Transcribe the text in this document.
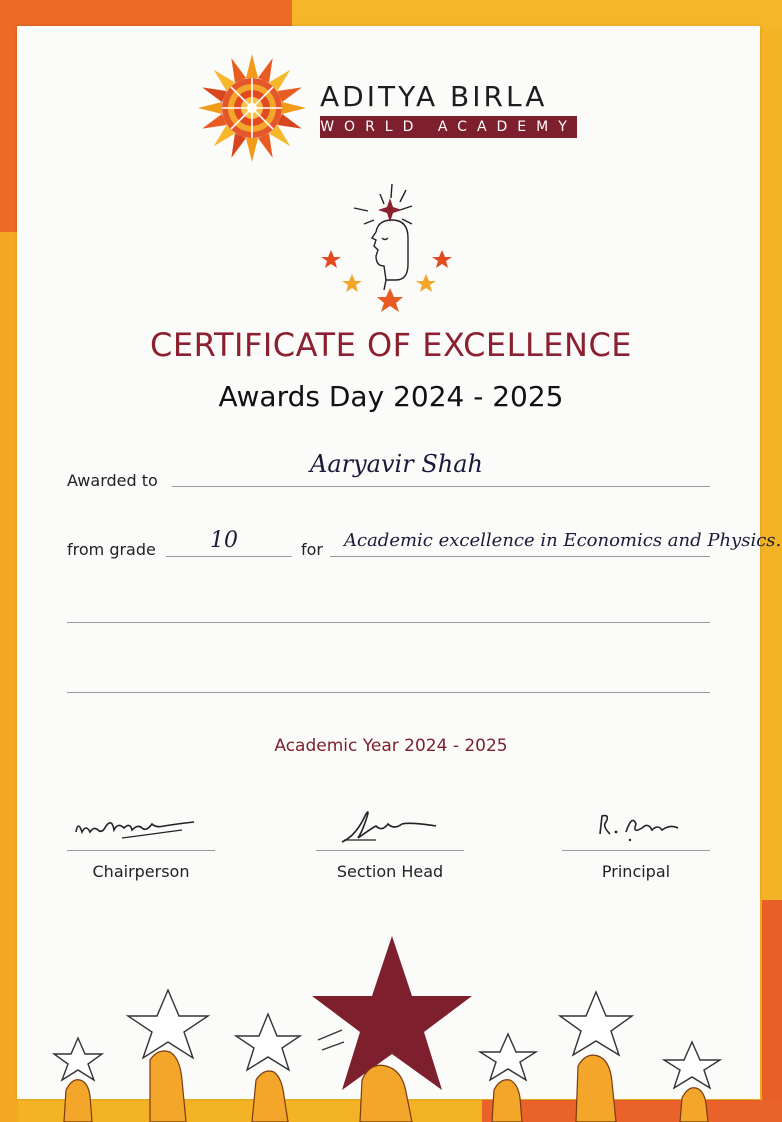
ADITYA BIRLA
WORLD ACADEMY
CERTIFICATE OF EXCELLENCE
Awards Day 2024 - 2025
Awarded to
Aaryavir Shah
from grade 10	for Academic excellence in Economics and Physics.
Academic Year 2024 - 2025
Chairperson	Section Head	Principal
